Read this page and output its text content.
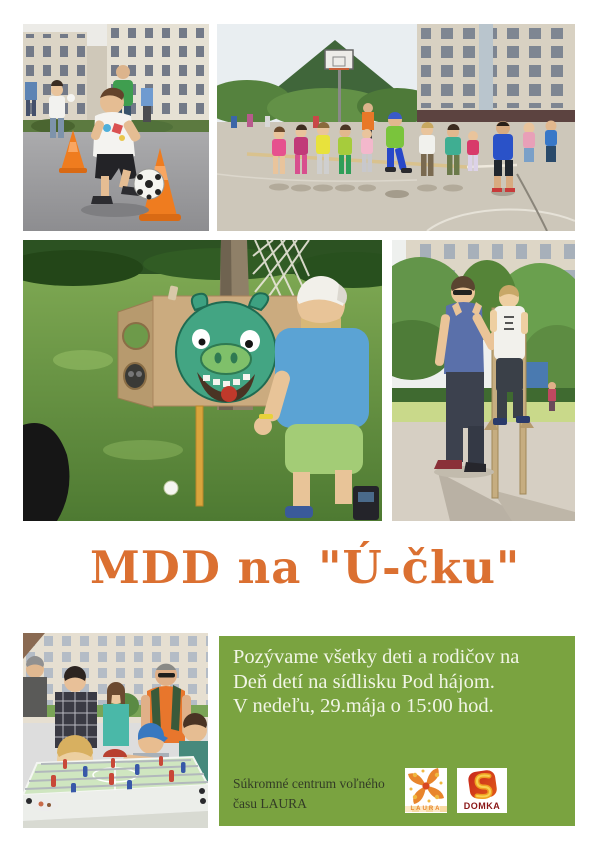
MDD na "Ú-čku"
Pozývame všetky deti a rodičov na
Deň detí na sídlisku Pod hájom.
V nedeľu, 29.mája o 15:00 hod.
Súkromné centrum voľného
času LAURA	LAURA	DOMKA
